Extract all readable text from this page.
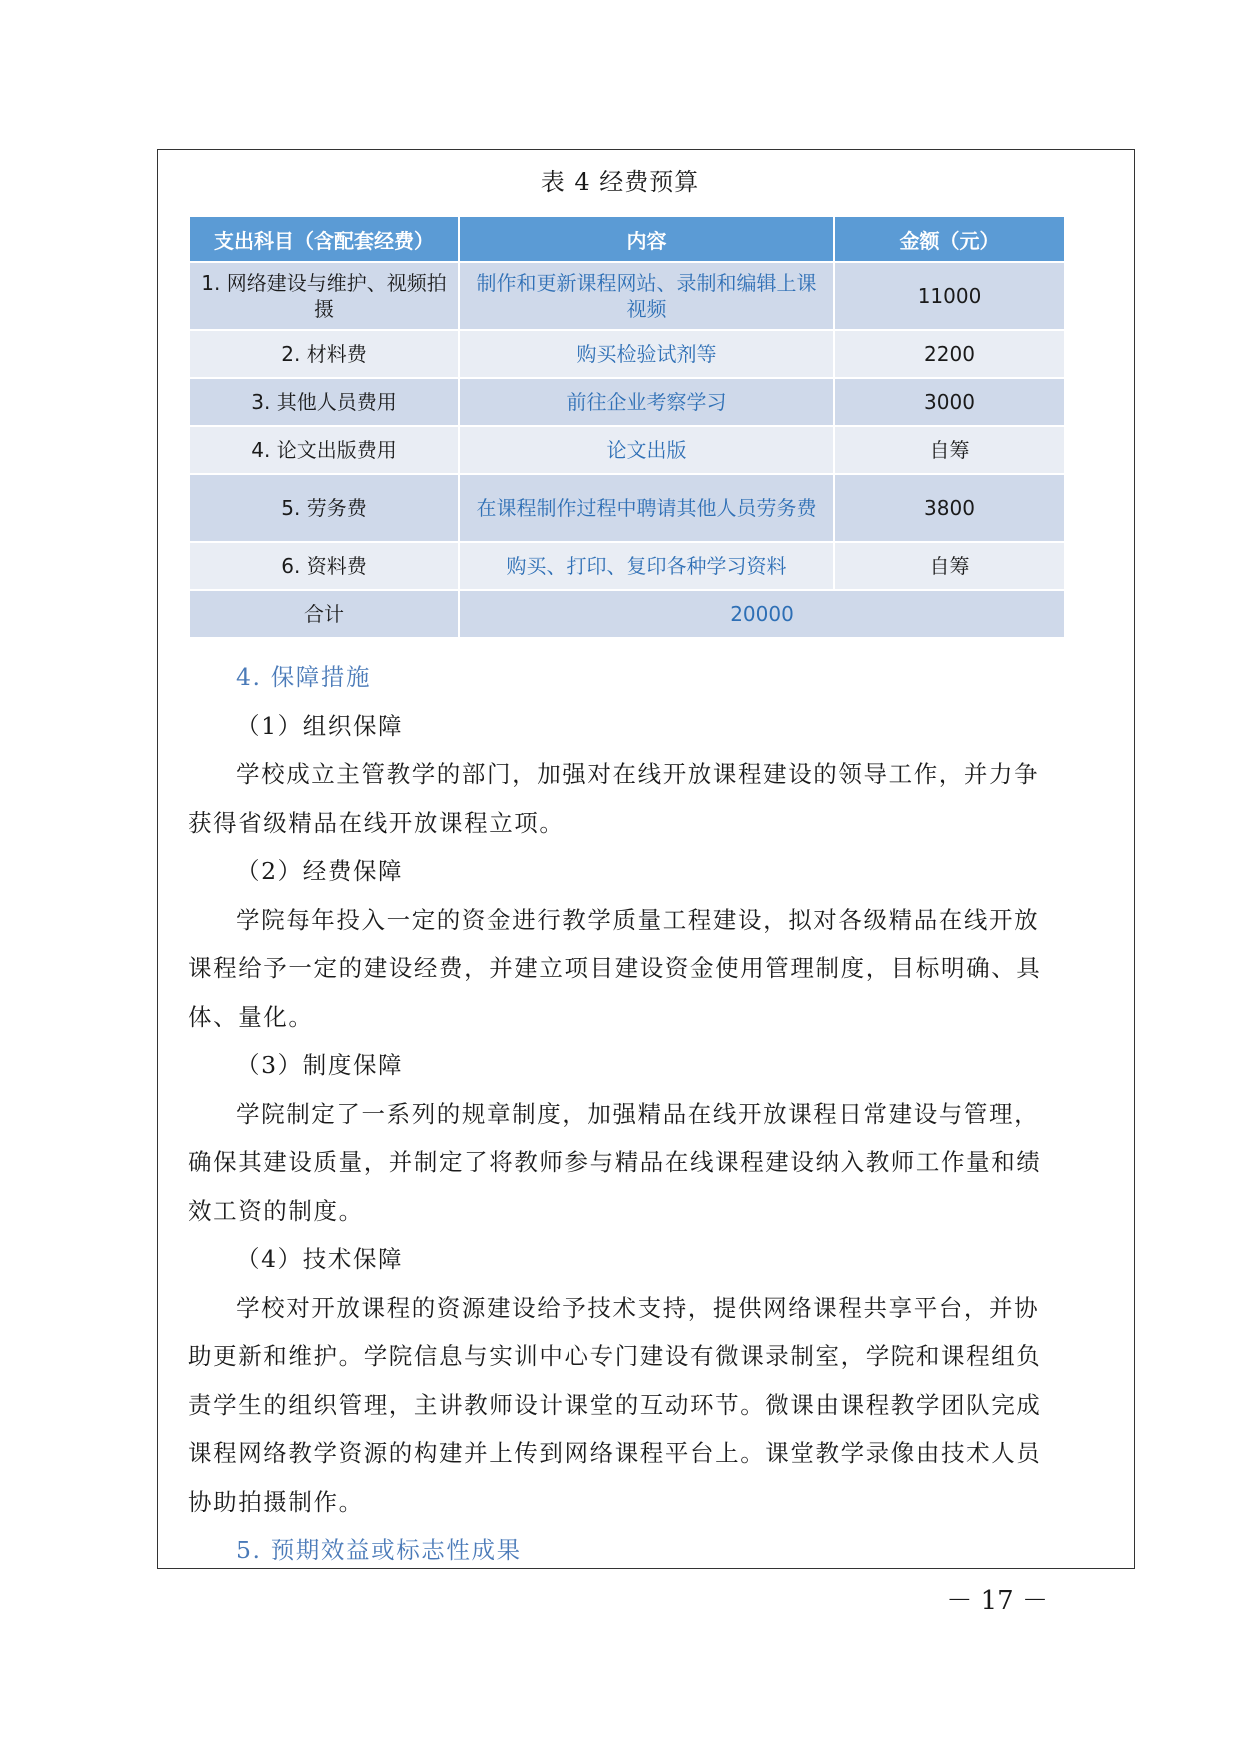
表 4 经费预算
支出科目（含配套经费）	内容	金额（元）
1. 网络建设与维护、视频拍摄	制作和更新课程网站、录制和编辑上课视频	11000
2. 材料费	购买检验试剂等	2200
3. 其他人员费用	前往企业考察学习	3000
4. 论文出版费用	论文出版	自筹
5. 劳务费	在课程制作过程中聘请其他人员劳务费	3800
6. 资料费	购买、打印、复印各种学习资料	自筹
合计	20000	

4. 保障措施

（1）组织保障

学校成立主管教学的部门，加强对在线开放课程建设的领导工作，并力争获得省级精品在线开放课程立项。

（2）经费保障

学院每年投入一定的资金进行教学质量工程建设，拟对各级精品在线开放课程给予一定的建设经费，并建立项目建设资金使用管理制度，目标明确、具体、量化。

（3）制度保障

学院制定了一系列的规章制度，加强精品在线开放课程日常建设与管理，确保其建设质量，并制定了将教师参与精品在线课程建设纳入教师工作量和绩效工资的制度。

（4）技术保障

学校对开放课程的资源建设给予技术支持，提供网络课程共享平台，并协助更新和维护。学院信息与实训中心专门建设有微课录制室，学院和课程组负责学生的组织管理，主讲教师设计课堂的互动环节。微课由课程教学团队完成课程网络教学资源的构建并上传到网络课程平台上。课堂教学录像由技术人员协助拍摄制作。

5. 预期效益或标志性成果

－ 17 －
